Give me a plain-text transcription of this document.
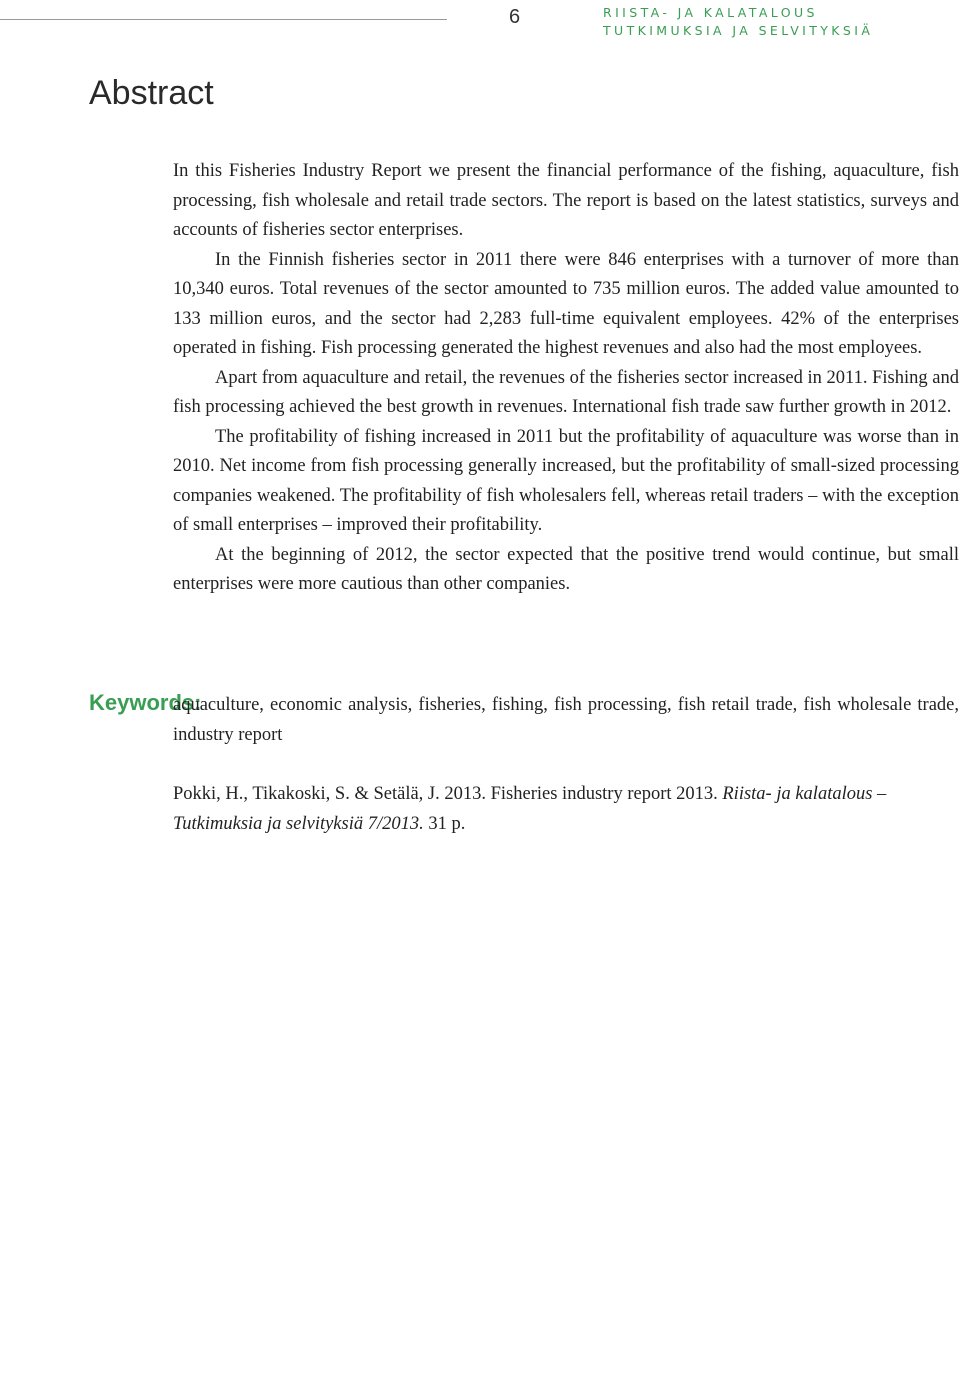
6	RIISTA- JA KALATALOUS
TUTKIMUKSIA JA SELVITYKSIÄ
Abstract

In this Fisheries Industry Report we present the financial performance of the fishing, aquaculture, fish processing, fish wholesale and retail trade sectors. The report is based on the latest statistics, surveys and accounts of fisheries sector enterprises.

In the Finnish fisheries sector in 2011 there were 846 enterprises with a turnover of more than 10,340 euros. Total revenues of the sector amounted to 735 million euros. The added value amounted to 133 million euros, and the sector had 2,283 full-time equivalent employees. 42% of the enterprises operated in fishing. Fish processing generated the highest revenues and also had the most employees.

Apart from aquaculture and retail, the revenues of the fisheries sector increased in 2011. Fishing and fish processing achieved the best growth in revenues. International fish trade saw further growth in 2012.

The profitability of fishing increased in 2011 but the profitability of aquaculture was worse than in 2010. Net income from fish processing generally increased, but the profitability of small-sized processing companies weakened. The profitability of fish wholesalers fell, whereas retail traders – with the exception of small enterprises – improved their profitability.

At the beginning of 2012, the sector expected that the positive trend would continue, but small enterprises were more cautious than other companies.

Keywords:
aquaculture, economic analysis, fisheries, fishing, fish processing, fish retail trade, fish wholesale trade, industry report
Pokki, H., Tikakoski, S. & Setälä, J. 2013. Fisheries industry report 2013. Riista- ja kalatalous – Tutkimuksia ja selvityksiä 7/2013. 31 p.
